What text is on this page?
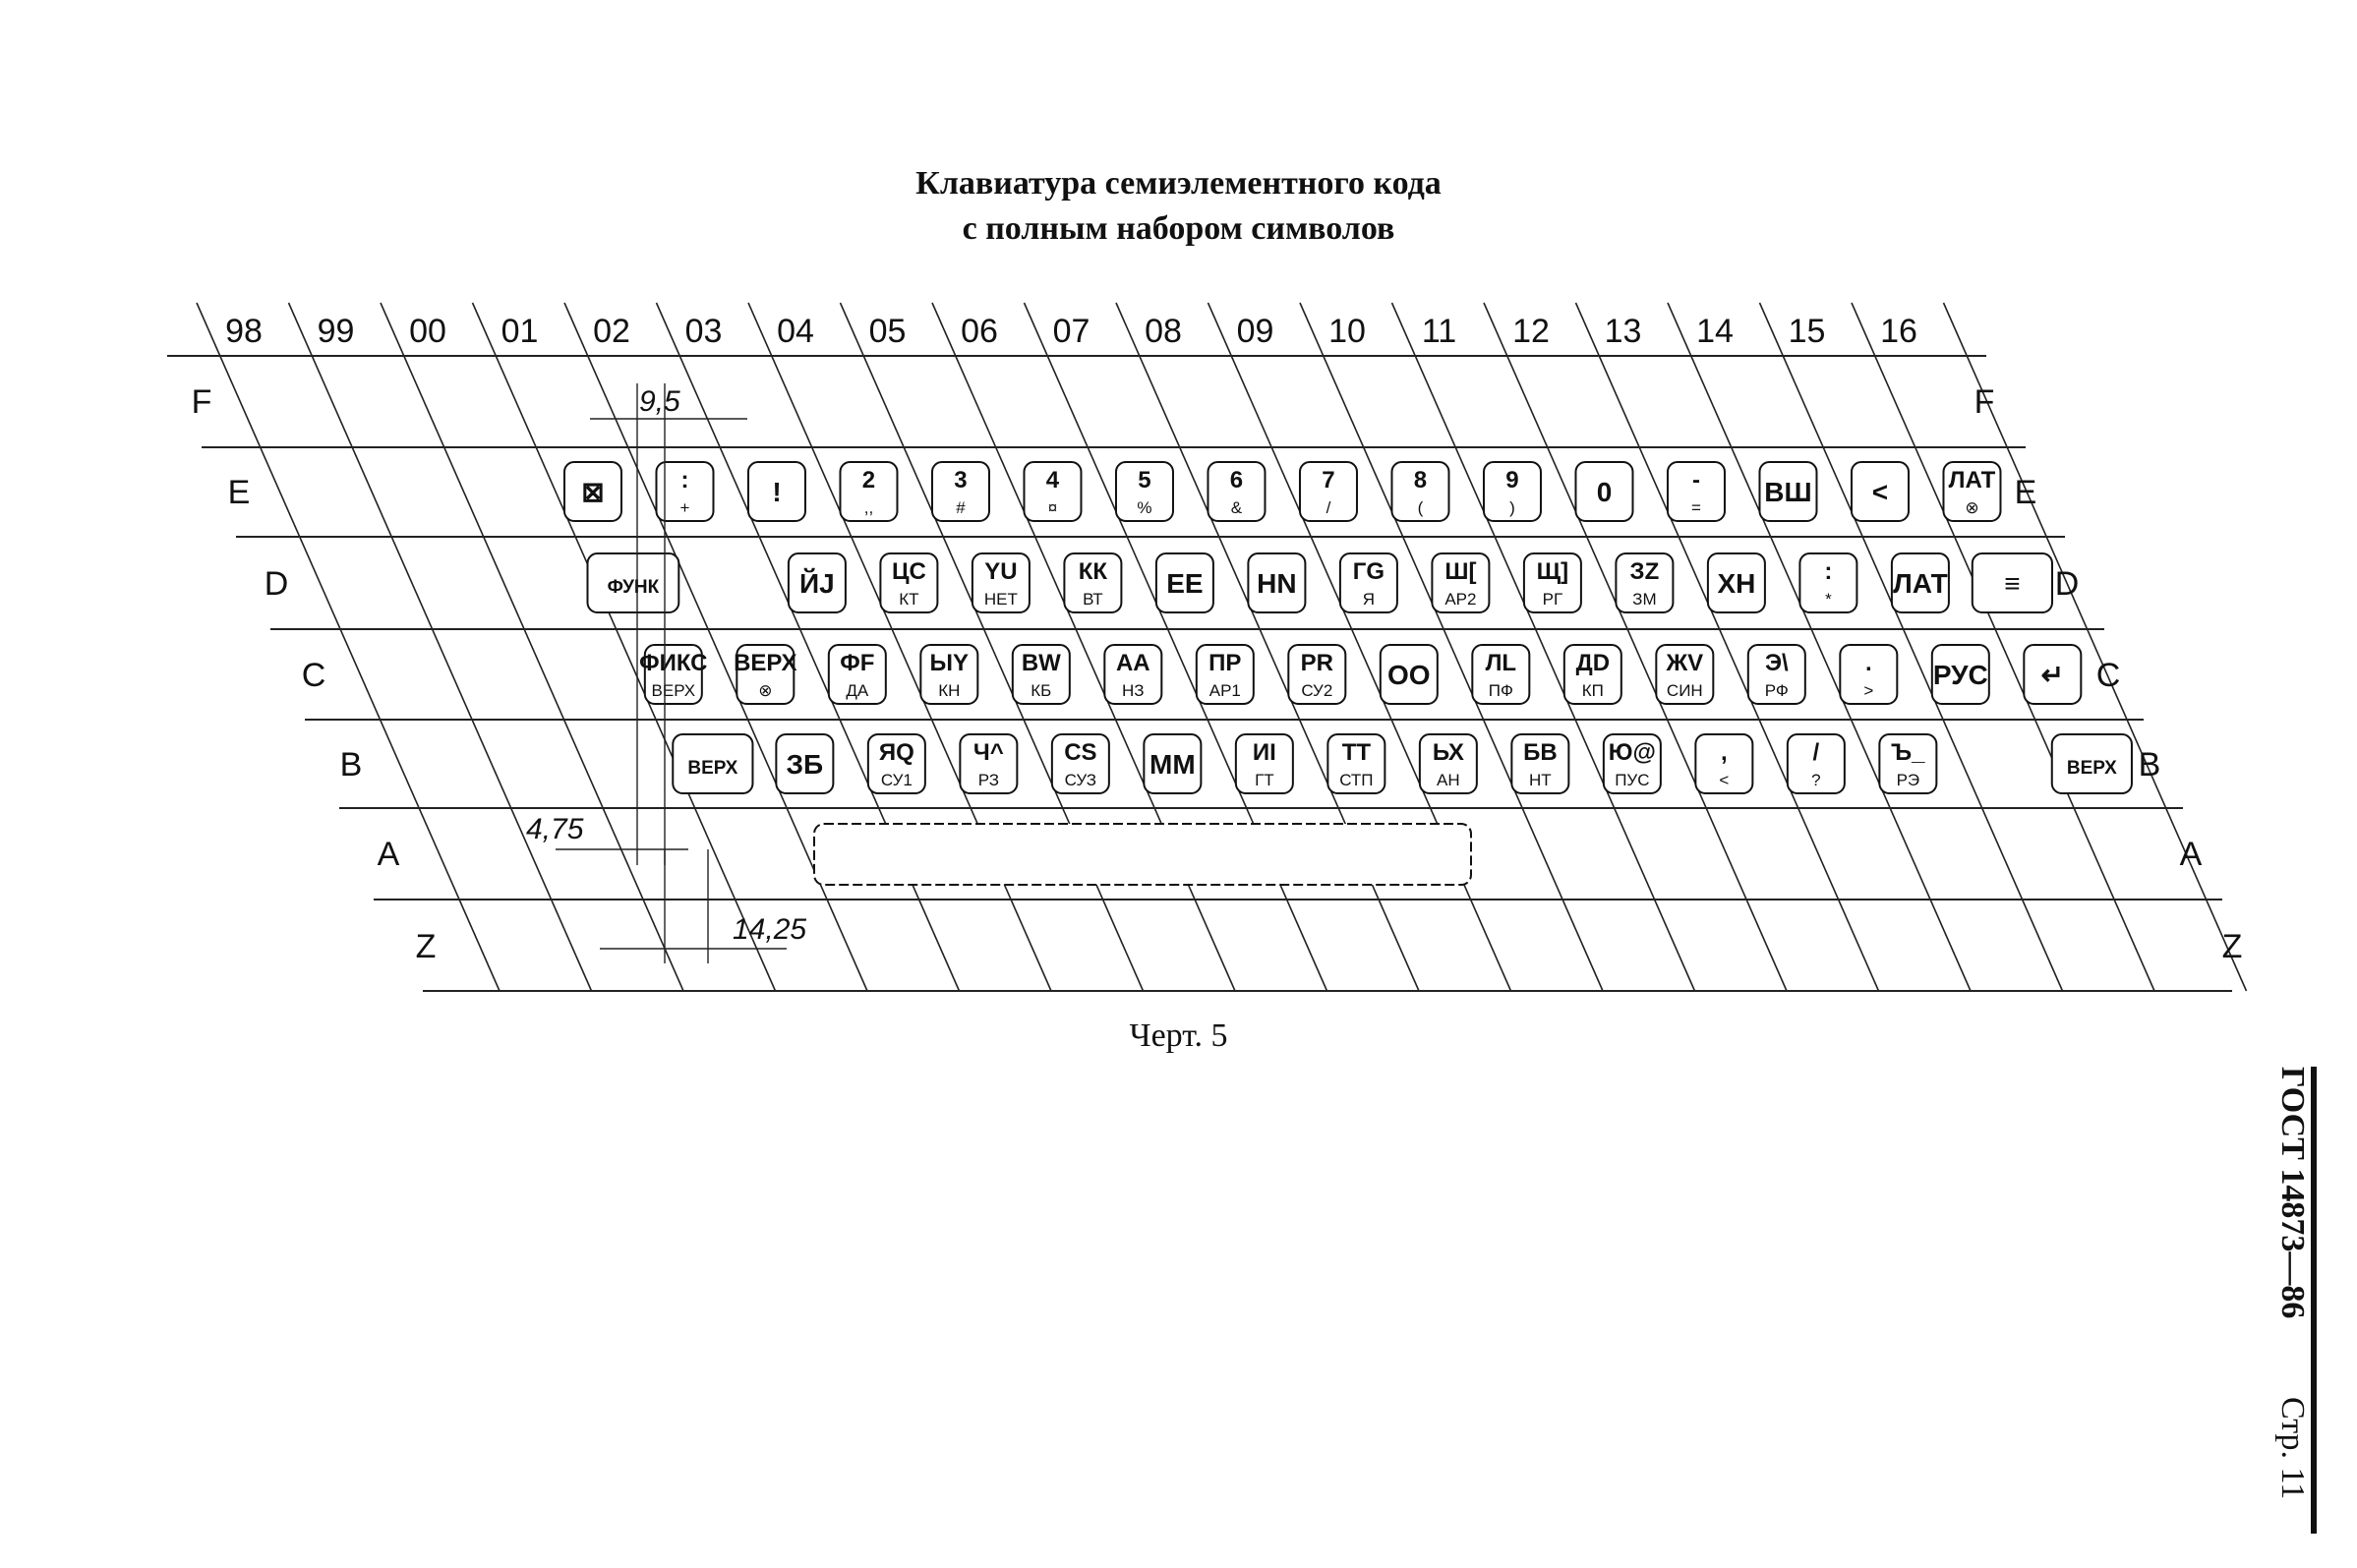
Клавиатура семиэлементного кода
с полным набором символов
98 99 00 01 02 03 04 05 06 07 08 09 10 11 12 13 14 15 16
F	F
E	E
D	D
C	C
B	B
A	A
Z	Z
⊠	:
+
!	2
,,
3
#
4
¤
5
%
6
&
7
/
8
(
9
)
0	-
=
ВШ <	ЛАТ
⊗
ФУНК	ЙJ ЦС
КТ
YU
НЕТ
КК
ВТ
ЕЕ HN ГG
Я
Ш[
АР2
Щ]
РГ
ЗZ
ЗМ
ХН	:
*
ЛАТ ≡
ФИКС
ВЕРХ
ВЕРХ
⊗
ФF
ДА
ЫY
КН
BW
КБ
АА
НЗ
ПР
АР1
PR
СУ2
ОО ЛL
ПФ
ДD
КП
ЖV
СИН
Э\
РФ
.
>
РУС ↵
ВЕРХ ЗБ ЯQ
СУ1
Ч^
РЗ
CS
СУЗ
ММ ИI
ГТ
ТТ
СТП
ЬХ
АН
БВ
НТ
Ю@
ПУС
,
<
/
?
Ъ_
РЭ
ВЕРХ
9,5
4,75
14,25
Черт. 5
ГОСТ 14873—86
Стр. 11
